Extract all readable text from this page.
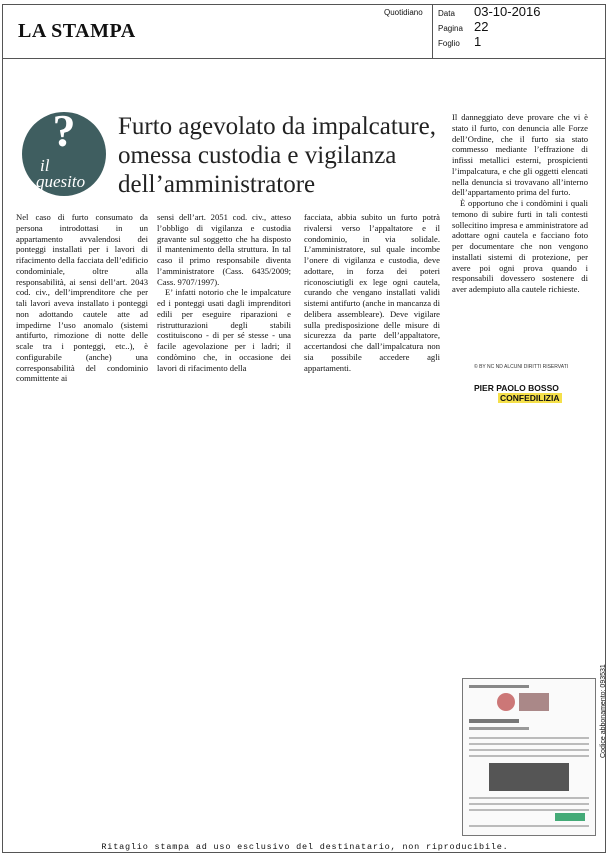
LA STAMPA
Quotidiano Data 03-10-2016
Pagina 22
Foglio 1
?
il
quesito
Furto agevolato da impalcature, omessa custodia e vigilanza dell’amministratore

Nel caso di furto consumato da persona introdottasi in un appartamento avvalendosi dei ponteggi installati per i lavori di rifacimento della facciata dell’edificio condominiale, oltre alla responsabilità, ai sensi dell’art. 2043 cod. civ., dell’imprenditore che per tali lavori aveva installato i ponteggi non adottando cautele atte ad impedirne l’uso anomalo (sistemi antifurto, rimozione di notte delle scale tra i ponteggi, etc..), è configurabile (anche) una corresponsabilità del condominio committente ai

sensi dell’art. 2051 cod. civ., atteso l’obbligo di vigilanza e custodia gravante sul soggetto che ha disposto il mantenimento della struttura. In tal caso il primo responsabile diventa l’amministratore (Cass. 6435/2009; Cass. 9707/1997).

E’ infatti notorio che le impalcature ed i ponteggi usati dagli imprenditori edili per eseguire riparazioni e ristrutturazioni degli stabili costituiscono - di per sé stesse - una facile agevolazione per i ladri; il condòmino che, in occasione dei lavori di rifacimento della

facciata, abbia subito un furto potrà rivalersi verso l’appaltatore e il condominio, in via solidale. L’amministratore, sul quale incombe l’onere di vigilanza e custodia, deve adottare, in forza dei poteri riconosciutigli ex lege ogni cautela, curando che vengano installati validi sistemi antifurto (anche in mancanza di delibera assembleare). Deve vigilare sulla predisposizione delle misure di sicurezza da parte dell’appaltatore, accertandosi che dall’impalcatura non sia possibile accedere agli appartamenti.

Il danneggiato deve provare che vi è stato il furto, con denuncia alle Forze dell’Ordine, che il furto sia stato commesso mediante l’effrazione di infissi metallici esterni, prospicienti l’impalcatura, e che gli oggetti elencati nella denuncia si trovavano all’interno dell’appartamento prima del furto.

È opportuno che i condòmini i quali temono di subire furti in tali contesti sollecitino impresa e amministratore ad adottare ogni cautela e facciano foto per documentare che non vengono installati sistemi di protezione, per avere poi ogni prova quando i responsabili dovessero sostenere di aver adempiuto alla cautele richieste.

© BY NC ND ALCUNI DIRITTI RISERVATI
PIER PAOLO BOSSO
CONFEDILIZIA
Codice abbonamento: 093531
Ritaglio stampa ad uso esclusivo del destinatario, non riproducibile.
